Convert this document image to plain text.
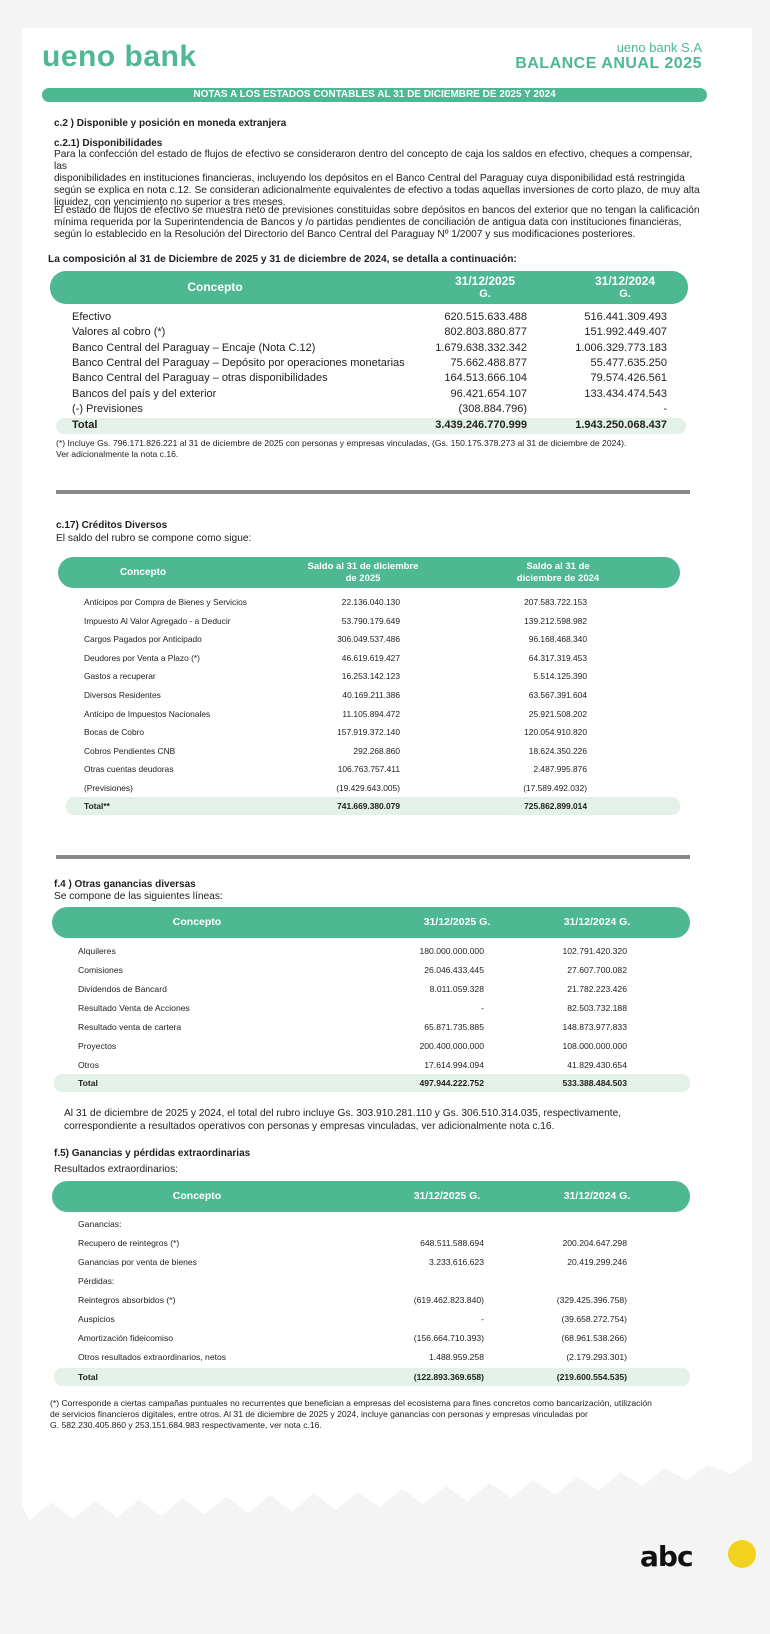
ueno bank	ueno bank S.A
BALANCE ANUAL 2025
NOTAS A LOS ESTADOS CONTABLES AL 31 DE DICIEMBRE DE 2025 Y 2024
c.2 ) Disponible y posición en moneda extranjera
c.2.1) Disponibilidades
Para la confección del estado de flujos de efectivo se consideraron dentro del concepto de caja los saldos en efectivo, cheques a compensar, las
disponibilidades en instituciones financieras, incluyendo los depósitos en el Banco Central del Paraguay cuya disponibilidad está restringida
según se explica en nota c.12. Se consideran adicionalmente equivalentes de efectivo a todas aquellas inversiones de corto plazo, de muy alta
liquidez, con vencimiento no superior a tres meses.
El estado de flujos de efectivo se muestra neto de previsiones constituidas sobre depósitos en bancos del exterior que no tengan la calificación
mínima requerida por la Superintendencia de Bancos y /o partidas pendientes de conciliación de antigua data con instituciones financieras,
según lo establecido en la Resolución del Directorio del Banco Central del Paraguay Nº 1/2007 y sus modificaciones posteriores.
La composición al 31 de Diciembre de 2025 y 31 de diciembre de 2024, se detalla a continuación:
Concepto	31/12/2025
G.
31/12/2024
G.
Efectivo	620.515.633.488	516.441.309.493
Valores al cobro (*)	802.803.880.877	151.992.449.407
Banco Central del Paraguay – Encaje (Nota C.12)	1.679.638.332.342	1.006.329.773.183
Banco Central del Paraguay – Depósito por operaciones monetarias	75.662.488.877	55.477.635.250
Banco Central del Paraguay – otras disponibilidades	164.513.666.104	79.574.426.561
Bancos del país y del exterior	96.421.654.107	133.434.474.543
(-) Previsiones	(308.884.796)	-
Total	3.439.246.770.999	1.943.250.068.437
(*) Incluye Gs. 796.171.826.221 al 31 de diciembre de 2025 con personas y empresas vinculadas, (Gs. 150.175.378.273 al 31 de diciembre de 2024).
Ver adicionalmente la nota c.16.
c.17) Créditos Diversos
El saldo del rubro se compone como sigue:
Concepto
Saldo al 31 de diciembre
de 2025
Saldo al 31 de
diciembre de 2024
Anticipos por Compra de Bienes y Servicios	22.136.040.130	207.583.722.153
Impuesto Al Valor Agregado - a Deducir	53.790.179.649	139.212.598.982
Cargos Pagados por Anticipado	306.049.537.486	96.168.468.340
Deudores por Venta a Plazo (*)	46.619.619.427	64.317.319.453
Gastos a recuperar	16.253.142.123	5.514.125.390
Diversos Residentes	40.169.211.386	63.567.391.604
Anticipo de Impuestos Nacionales	11.105.894.472	25.921.508.202
Bocas de Cobro	157.919.372.140	120.054.910.820
Cobros Pendientes CNB	292.268.860	18.624.350.226
Otras cuentas deudoras	106.763.757.411	2.487.995.876
(Previsiones)	(19.429.643.005)	(17.589.492.032)
Total**	741.669.380.079	725.862.899.014
f.4 ) Otras ganancias diversas
Se compone de las siguientes líneas:
Concepto	31/12/2025 G.	31/12/2024 G.
Alquileres	180.000.000.000	102.791.420.320
Comisiones	26.046.433.445	27.607.700.082
Dividendos de Bancard	8.011.059.328	21.782.223.426
Resultado Venta de Acciones	-	82.503.732.188
Resultado venta de cartera	65.871.735.885	148.873.977.833
Proyectos	200.400.000.000	108.000.000.000
Otros	17.614.994.094	41.829.430.654
Total	497.944.222.752	533.388.484.503
Al 31 de diciembre de 2025 y 2024, el total del rubro incluye Gs. 303.910.281.110 y Gs. 306.510.314.035, respectivamente,
correspondiente a resultados operativos con personas y empresas vinculadas, ver adicionalmente nota c.16.
f.5) Ganancias y pérdidas extraordinarias
Resultados extraordinarios:
Concepto	31/12/2025 G.	31/12/2024 G.
Ganancias:
Recupero de reintegros (*)	648.511.588.694	200.204.647.298
Ganancias por venta de bienes	3.233.616.623	20.419.299.246
Pérdidas:
Reintegros absorbidos (*)	(619.462.823.840)	(329.425.396.758)
Auspicios	-	(39.658.272.754)
Amortización fideicomiso	(156.664.710.393)	(68.961.538.266)
Otros resultados extraordinarios, netos	1.488.959.258	(2.179.293.301)
Total	(122.893.369.658)	(219.600.554.535)
(*) Corresponde a ciertas campañas puntuales no recurrentes que benefician a empresas del ecosistema para fines concretos como bancarización, utilización
de servicios financieros digitales, entre otros. Al 31 de diciembre de 2025 y 2024, incluye ganancias con personas y empresas vinculadas por
G. 582.230.405.860 y 253.151.684.983 respectivamente, ver nota c.16.
abc
